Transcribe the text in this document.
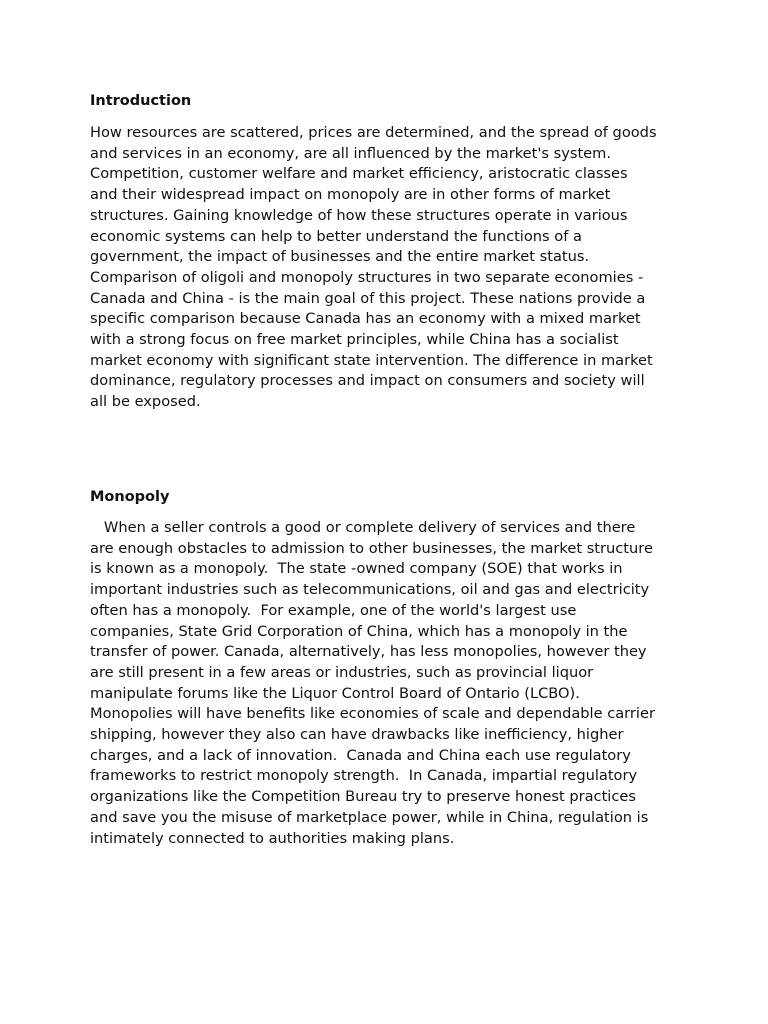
Introduction
How resources are scattered, prices are determined, and the spread of goods
and services in an economy, are all influenced by the market's system.
Competition, customer welfare and market efficiency, aristocratic classes
and their widespread impact on monopoly are in other forms of market
structures. Gaining knowledge of how these structures operate in various
economic systems can help to better understand the functions of a
government, the impact of businesses and the entire market status.
Comparison of oligoli and monopoly structures in two separate economies -
Canada and China - is the main goal of this project. These nations provide a
specific comparison because Canada has an economy with a mixed market
with a strong focus on free market principles, while China has a socialist
market economy with significant state intervention. The difference in market
dominance, regulatory processes and impact on consumers and society will
all be exposed.
Monopoly
When a seller controls a good or complete delivery of services and there
are enough obstacles to admission to other businesses, the market structure
is known as a monopoly.  The state -owned company (SOE) that works in
important industries such as telecommunications, oil and gas and electricity
often has a monopoly.  For example, one of the world's largest use
companies, State Grid Corporation of China, which has a monopoly in the
transfer of power. Canada, alternatively, has less monopolies, however they
are still present in a few areas or industries, such as provincial liquor
manipulate forums like the Liquor Control Board of Ontario (LCBO).
Monopolies will have benefits like economies of scale and dependable carrier
shipping, however they also can have drawbacks like inefficiency, higher
charges, and a lack of innovation.  Canada and China each use regulatory
frameworks to restrict monopoly strength.  In Canada, impartial regulatory
organizations like the Competition Bureau try to preserve honest practices
and save you the misuse of marketplace power, while in China, regulation is
intimately connected to authorities making plans.
